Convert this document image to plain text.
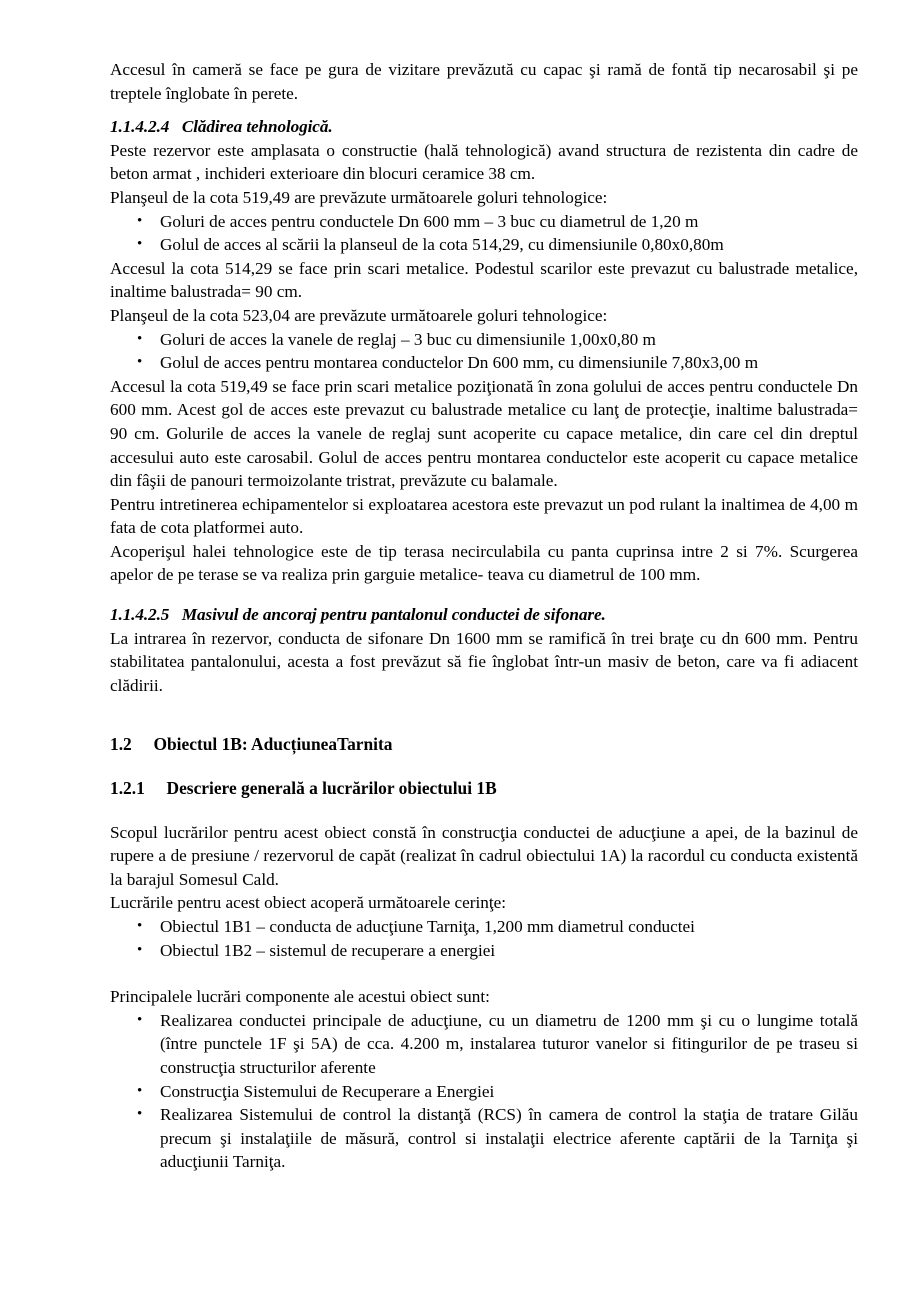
Accesul în cameră se face pe gura de vizitare prevăzută cu capac şi ramă de fontă tip necarosabil şi pe treptele înglobate în perete.

1.1.4.2.4   Clădirea tehnologică.

Peste rezervor este amplasata o constructie (hală tehnologică) avand structura de rezistenta din cadre de beton armat , inchideri exterioare din blocuri ceramice 38 cm.

Planşeul de la cota 519,49 are prevăzute următoarele goluri tehnologice:

• Goluri de acces pentru conductele Dn 600 mm – 3 buc cu diametrul de 1,20 m
• Golul de acces al scării la planseul de la cota 514,29, cu dimensiunile 0,80x0,80m

Accesul la cota 514,29 se face prin scari metalice. Podestul scarilor este prevazut cu balustrade metalice, inaltime balustrada= 90 cm.

Planşeul de la cota 523,04 are prevăzute următoarele goluri tehnologice:

• Goluri de acces la vanele de reglaj – 3 buc cu dimensiunile 1,00x0,80 m
• Golul de acces pentru montarea conductelor Dn 600 mm, cu dimensiunile 7,80x3,00 m

Accesul la cota 519,49 se face prin scari metalice poziţionată în zona golului de acces pentru conductele Dn 600 mm. Acest gol de acces este prevazut cu balustrade metalice cu lanţ de protecţie, inaltime balustrada= 90 cm. Golurile de acces la vanele de reglaj sunt acoperite cu capace metalice, din care cel din dreptul accesului auto este carosabil. Golul de acces pentru montarea conductelor este acoperit cu capace metalice din fâşii de panouri termoizolante tristrat, prevăzute cu balamale.

Pentru intretinerea echipamentelor si exploatarea acestora este prevazut un pod rulant la inaltimea de 4,00 m fata de cota platformei auto.

Acoperişul halei tehnologice este de tip terasa necirculabila cu panta cuprinsa intre 2 si 7%. Scurgerea apelor de pe terase se va realiza prin garguie metalice- teava cu diametrul de 100 mm.

1.1.4.2.5   Masivul de ancoraj pentru pantalonul conductei de sifonare.

La intrarea în rezervor, conducta de sifonare Dn 1600 mm se ramifică în trei braţe cu dn 600 mm. Pentru stabilitatea pantalonului, acesta a fost prevăzut să fie înglobat într-un masiv de beton, care va fi adiacent clădirii.

1.2     Obiectul 1B: AducțiuneaTarnita

1.2.1     Descriere generală a lucrărilor obiectului 1B

Scopul lucrărilor pentru acest obiect constă în construcţia conductei de aducţiune a apei, de la bazinul de rupere a de presiune / rezervorul de capăt (realizat în cadrul obiectului 1A) la racordul cu conducta existentă la barajul Somesul Cald.

Lucrările pentru acest obiect acoperă următoarele cerinţe:

• Obiectul 1B1 – conducta de aducţiune Tarniţa, 1,200 mm diametrul conductei
• Obiectul 1B2 – sistemul de recuperare a energiei

Principalele lucrări componente ale acestui obiect sunt:

• Realizarea conductei principale de aducţiune, cu un diametru de 1200 mm şi cu o lungime totală (între punctele 1F şi 5A) de cca. 4.200 m, instalarea tuturor vanelor si fitingurilor de pe traseu si construcţia structurilor aferente
• Construcţia Sistemului de Recuperare a Energiei
• Realizarea Sistemului de control la distanţă (RCS) în camera de control la staţia de tratare Gilău precum şi instalaţiile de măsură, control si instalaţii electrice aferente captării de la Tarniţa şi aducţiunii Tarniţa.
